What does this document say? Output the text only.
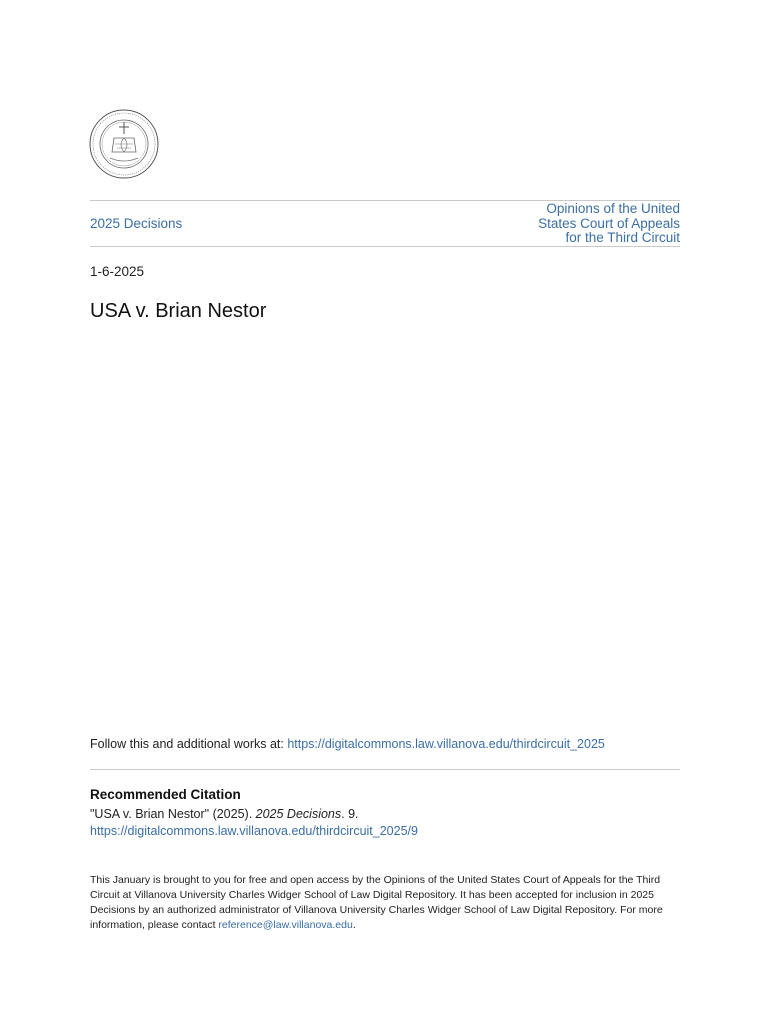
2025 Decisions
Opinions of the United
States Court of Appeals
for the Third Circuit
1-6-2025
USA v. Brian Nestor
Follow this and additional works at: https://digitalcommons.law.villanova.edu/thirdcircuit_2025
Recommended Citation
"USA v. Brian Nestor" (2025). 2025 Decisions. 9.
https://digitalcommons.law.villanova.edu/thirdcircuit_2025/9
This January is brought to you for free and open access by the Opinions of the United States Court of Appeals for the Third Circuit at Villanova University Charles Widger School of Law Digital Repository. It has been accepted for inclusion in 2025 Decisions by an authorized administrator of Villanova University Charles Widger School of Law Digital Repository. For more information, please contact reference@law.villanova.edu.
